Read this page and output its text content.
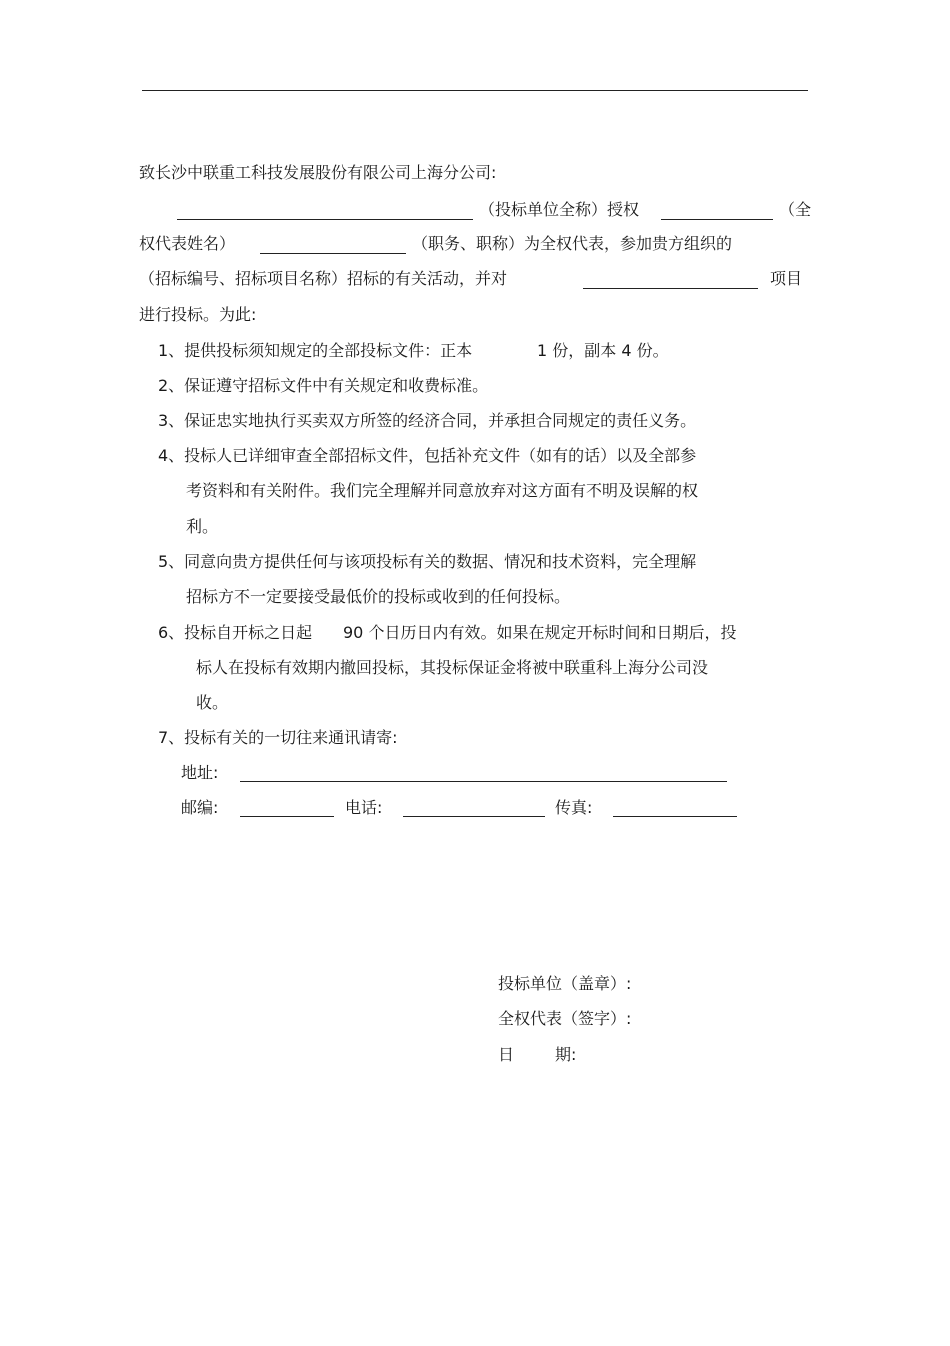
致长沙中联重工科技发展股份有限公司上海分公司:
（投标单位全称）授权	（全
权代表姓名）	（职务、职称）为全权代表，参加贵方组织的
（招标编号、招标项目名称）招标的有关活动，并对	项目
进行投标。为此:
1、提供投标须知规定的全部投标文件：正本	1 份，副本 4 份。
2、保证遵守招标文件中有关规定和收费标准。
3、保证忠实地执行买卖双方所签的经济合同，并承担合同规定的责任义务。
4、投标人已详细审查全部招标文件，包括补充文件（如有的话）以及全部参
考资料和有关附件。我们完全理解并同意放弃对这方面有不明及误解的权
利。
5、同意向贵方提供任何与该项投标有关的数据、情况和技术资料，完全理解
招标方不一定要接受最低价的投标或收到的任何投标。
6、投标自开标之日起 90 个日历日内有效。如果在规定开标时间和日期后，投
标人在投标有效期内撤回投标，其投标保证金将被中联重科上海分公司没
收。
7、投标有关的一切往来通讯请寄:
地址:
邮编:	电话:	传真:
投标单位（盖章）:
全权代表（签字）:
日	期:
